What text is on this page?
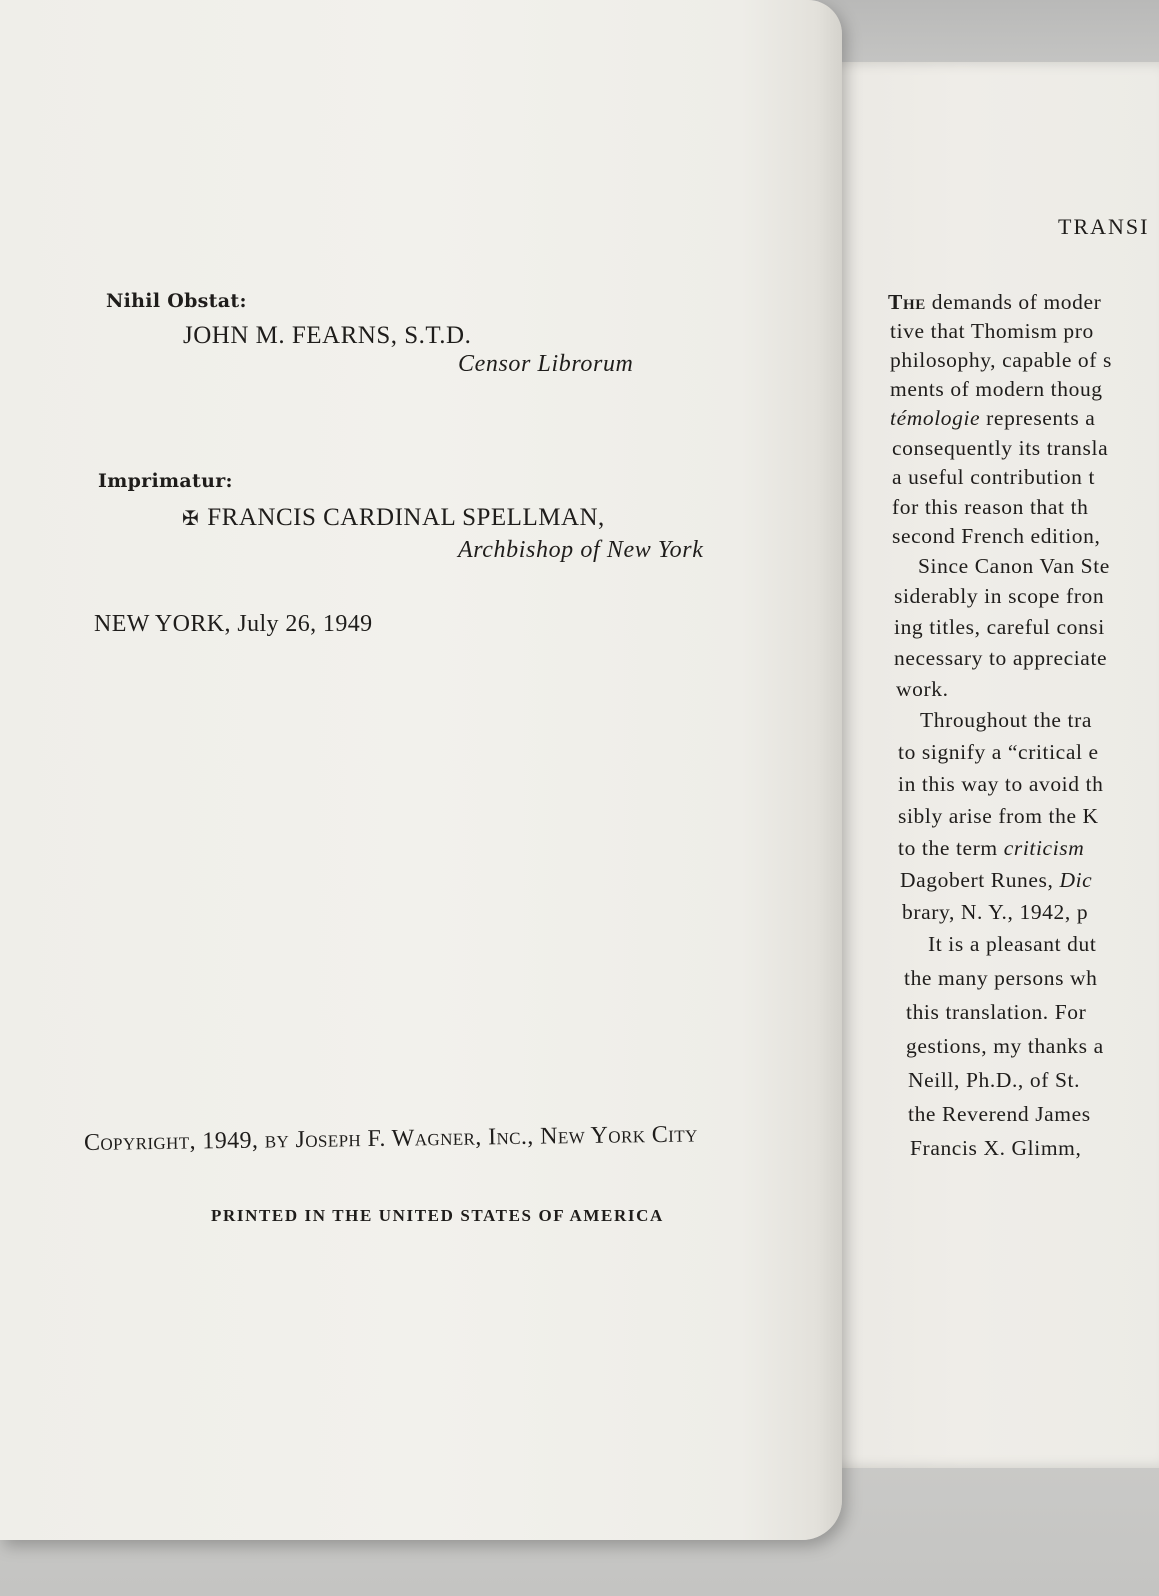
TRANSI
The demands of moder
tive that Thomism pro
philosophy, capable of s
ments of modern thoug
témologie represents a
consequently its transla
a useful contribution t
for this reason that th
second French edition,
Since Canon Van Ste
siderably in scope fron
ing titles, careful consi
necessary to appreciate
work.
Throughout the tra
to signify a “critical e
in this way to avoid th
sibly arise from the K
to the term criticism
Dagobert Runes, Dic
brary, N. Y., 1942, p
It is a pleasant dut
the many persons wh
this translation. For
gestions, my thanks a
Neill, Ph.D., of St.
the Reverend James
Francis X. Glimm,
Nihil Obstat:
JOHN M. FEARNS, S.T.D.
Censor Librorum
Imprimatur:
✠ FRANCIS CARDINAL SPELLMAN,
Archbishop of New York
NEW YORK, July 26, 1949
Copyright, 1949, by Joseph F. Wagner, Inc., New York City
PRINTED IN THE UNITED STATES OF AMERICA
